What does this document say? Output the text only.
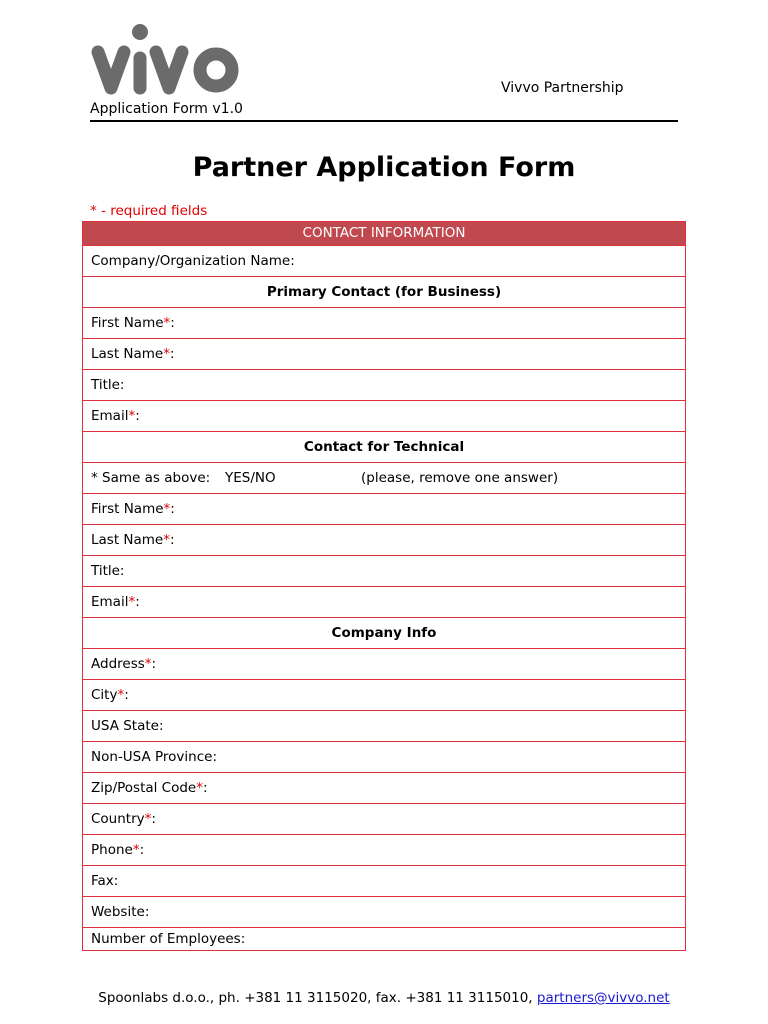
Application Form v1.0
Vivvo Partnership
Partner Application Form
* - required fields
CONTACT INFORMATION
Company/Organization Name:
Primary Contact (for Business)
First Name*:
Last Name*:
Title:
Email*:
Contact for Technical
* Same as above: YES/NO	(please, remove one answer)
First Name*:
Last Name*:
Title:
Email*:
Company Info
Address*:
City*:
USA State:
Non-USA Province:
Zip/Postal Code*:
Country*:
Phone*:
Fax:
Website:
Number of Employees:
Spoonlabs d.o.o., ph. +381 11 3115020, fax. +381 11 3115010, partners@vivvo.net
